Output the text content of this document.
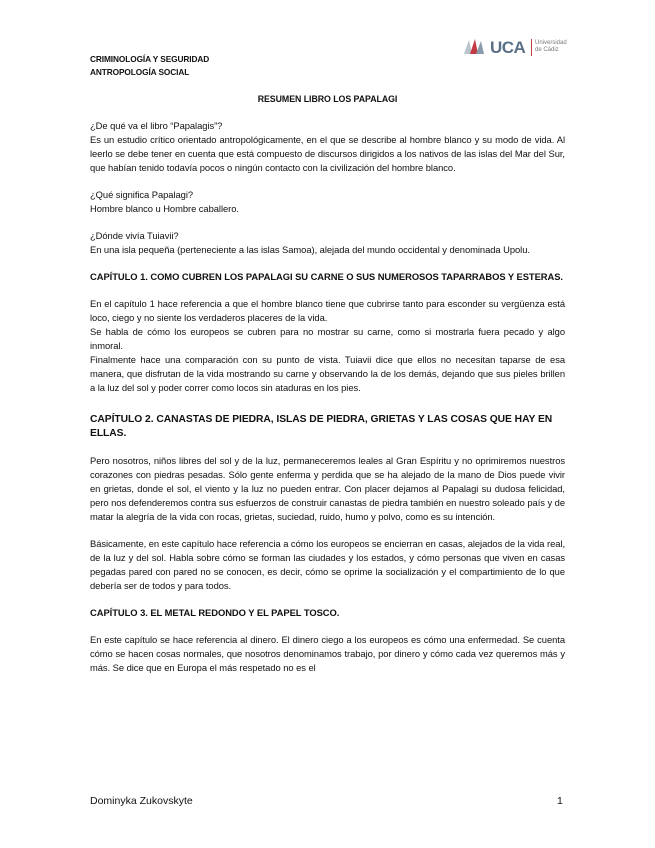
CRIMINOLOGÍA Y SEGURIDAD
ANTROPOLOGÍA SOCIAL
UCA Universidad
de Cádiz
RESUMEN LIBRO LOS PAPALAGI

¿De qué va el libro “Papalagis”?

Es un estudio crítico orientado antropológicamente, en el que se describe al hombre blanco y su modo de vida. Al leerlo se debe tener en cuenta que está compuesto de discursos dirigidos a los nativos de las islas del Mar del Sur, que habían tenido todavía pocos o ningún contacto con la civilización del hombre blanco.

¿Qué significa Papalagi?

Hombre blanco u Hombre caballero.

¿Dónde vivía Tuiavii?

En una isla pequeña (perteneciente a las islas Samoa), alejada del mundo occidental y denominada Upolu.

CAPÍTULO 1. COMO CUBREN LOS PAPALAGI SU CARNE O SUS NUMEROSOS TAPARRABOS Y ESTERAS.

En el capítulo 1 hace referencia a que el hombre blanco tiene que cubrirse tanto para esconder su vergüenza está loco, ciego y no siente los verdaderos placeres de la vida.

Se habla de cómo los europeos se cubren para no mostrar su carne, como si mostrarla fuera pecado y algo inmoral.

Finalmente hace una comparación con su punto de vista. Tuiavii dice que ellos no necesitan taparse de esa manera, que disfrutan de la vida mostrando su carne y observando la de los demás, dejando que sus pieles brillen a la luz del sol y poder correr como locos sin ataduras en los pies.

CAPÍTULO 2. CANASTAS DE PIEDRA, ISLAS DE PIEDRA, GRIETAS Y LAS COSAS QUE HAY EN ELLAS.

Pero nosotros, niños libres del sol y de la luz, permaneceremos leales al Gran Espíritu y no oprimiremos nuestros corazones con piedras pesadas. Sólo gente enferma y perdida que se ha alejado de la mano de Dios puede vivir en grietas, donde el sol, el viento y la luz no pueden entrar. Con placer dejamos al Papalagi su dudosa felicidad, pero nos defenderemos contra sus esfuerzos de construir canastas de piedra también en nuestro soleado país y de matar la alegría de la vida con rocas, grietas, suciedad, ruido, humo y polvo, como es su intención.

Básicamente, en este capítulo hace referencia a cómo los europeos se encierran en casas, alejados de la vida real, de la luz y del sol. Habla sobre cómo se forman las ciudades y los estados, y cómo personas que viven en casas pegadas pared con pared no se conocen, es decir, cómo se oprime la socialización y el compartimiento de lo que debería ser de todos y para todos.

CAPÍTULO 3. EL METAL REDONDO Y EL PAPEL TOSCO.

En este capítulo se hace referencia al dinero. El dinero ciego a los europeos es cómo una enfermedad. Se cuenta cómo se hacen cosas normales, que nosotros denominamos trabajo, por dinero y cómo cada vez queremos más y más. Se dice que en Europa el más respetado no es el

Dominyka Zukovskyte	1
